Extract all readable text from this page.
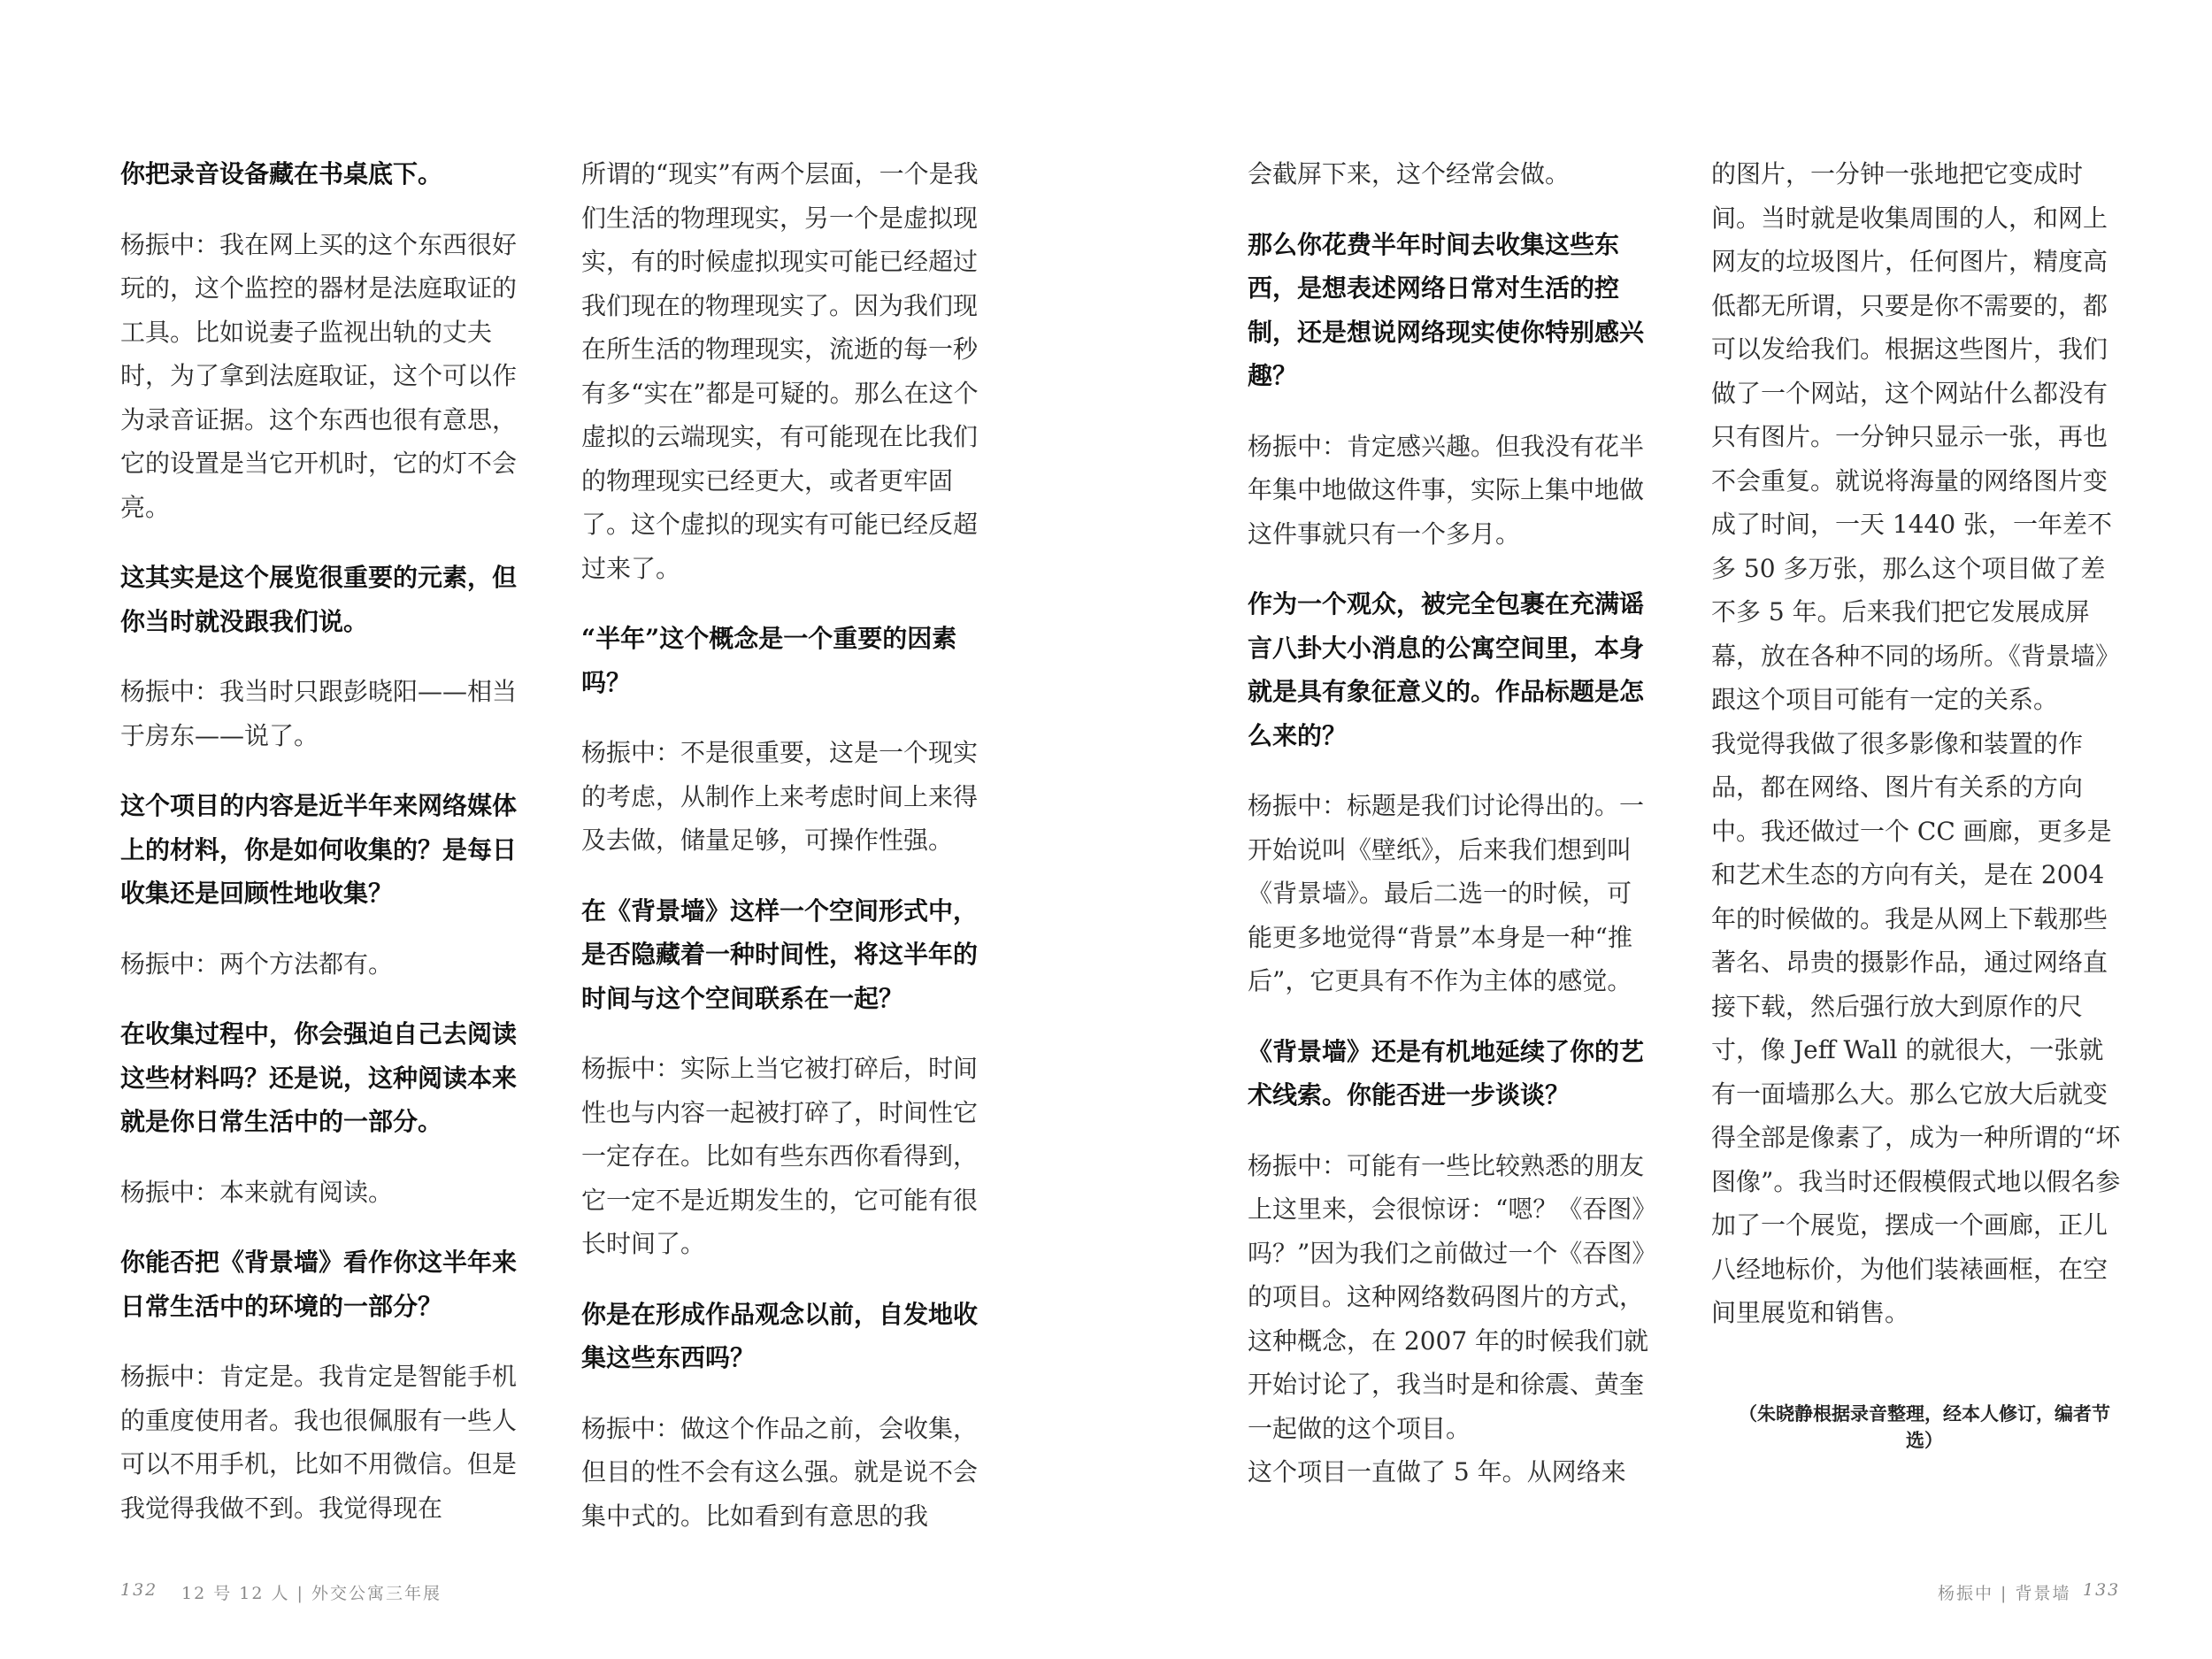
你把录音设备藏在书桌底下。

杨振中：我在网上买的这个东西很好玩的，这个监控的器材是法庭取证的工具。比如说妻子监视出轨的丈夫时，为了拿到法庭取证，这个可以作为录音证据。这个东西也很有意思，它的设置是当它开机时，它的灯不会亮。

这其实是这个展览很重要的元素，但你当时就没跟我们说。

杨振中：我当时只跟彭晓阳——相当于房东——说了。

这个项目的内容是近半年来网络媒体上的材料，你是如何收集的？是每日收集还是回顾性地收集？

杨振中：两个方法都有。

在收集过程中，你会强迫自己去阅读这些材料吗？还是说，这种阅读本来就是你日常生活中的一部分。

杨振中：本来就有阅读。

你能否把《背景墙》看作你这半年来日常生活中的环境的一部分？

杨振中：肯定是。我肯定是智能手机的重度使用者。我也很佩服有一些人可以不用手机，比如不用微信。但是我觉得我做不到。我觉得现在

所谓的“现实”有两个层面，一个是我们生活的物理现实，另一个是虚拟现实，有的时候虚拟现实可能已经超过我们现在的物理现实了。因为我们现在所生活的物理现实，流逝的每一秒有多“实在”都是可疑的。那么在这个虚拟的云端现实，有可能现在比我们的物理现实已经更大，或者更牢固了。这个虚拟的现实有可能已经反超过来了。

“半年”这个概念是一个重要的因素吗？

杨振中：不是很重要，这是一个现实的考虑，从制作上来考虑时间上来得及去做，储量足够，可操作性强。

在《背景墙》这样一个空间形式中，是否隐藏着一种时间性，将这半年的时间与这个空间联系在一起？

杨振中：实际上当它被打碎后，时间性也与内容一起被打碎了，时间性它一定存在。比如有些东西你看得到，它一定不是近期发生的，它可能有很长时间了。

你是在形成作品观念以前，自发地收集这些东西吗？

杨振中：做这个作品之前，会收集，但目的性不会有这么强。就是说不会集中式的。比如看到有意思的我

会截屏下来，这个经常会做。

那么你花费半年时间去收集这些东西，是想表述网络日常对生活的控制，还是想说网络现实使你特别感兴趣？

杨振中：肯定感兴趣。但我没有花半年集中地做这件事，实际上集中地做这件事就只有一个多月。

作为一个观众，被完全包裹在充满谣言八卦大小消息的公寓空间里，本身就是具有象征意义的。作品标题是怎么来的？

杨振中：标题是我们讨论得出的。一开始说叫《壁纸》，后来我们想到叫《背景墙》。最后二选一的时候，可能更多地觉得“背景”本身是一种“推后”，它更具有不作为主体的感觉。

《背景墙》还是有机地延续了你的艺术线索。你能否进一步谈谈？

杨振中：可能有一些比较熟悉的朋友上这里来，会很惊讶：“嗯？《吞图》吗？”因为我们之前做过一个《吞图》的项目。这种网络数码图片的方式，这种概念，在 2007 年的时候我们就开始讨论了，我当时是和徐震、黄奎一起做的这个项目。

这个项目一直做了 5 年。从网络来

的图片，一分钟一张地把它变成时间。当时就是收集周围的人，和网上网友的垃圾图片，任何图片，精度高低都无所谓，只要是你不需要的，都可以发给我们。根据这些图片，我们做了一个网站，这个网站什么都没有只有图片。一分钟只显示一张，再也不会重复。就说将海量的网络图片变成了时间，一天 1440 张，一年差不多 50 多万张，那么这个项目做了差不多 5 年。后来我们把它发展成屏幕，放在各种不同的场所。《背景墙》跟这个项目可能有一定的关系。

我觉得我做了很多影像和装置的作品，都在网络、图片有关系的方向中。我还做过一个 CC 画廊，更多是和艺术生态的方向有关，是在 2004 年的时候做的。我是从网上下载那些著名、昂贵的摄影作品，通过网络直接下载，然后强行放大到原作的尺寸，像 Jeff Wall 的就很大，一张就有一面墙那么大。那么它放大后就变得全部是像素了，成为一种所谓的“坏图像”。我当时还假模假式地以假名参加了一个展览，摆成一个画廊，正儿八经地标价，为他们装裱画框，在空间里展览和销售。

（朱晓静根据录音整理，经本人修订，编者节选）
132 12 号 12 人 | 外交公寓三年展	杨振中 | 背景墙 133
